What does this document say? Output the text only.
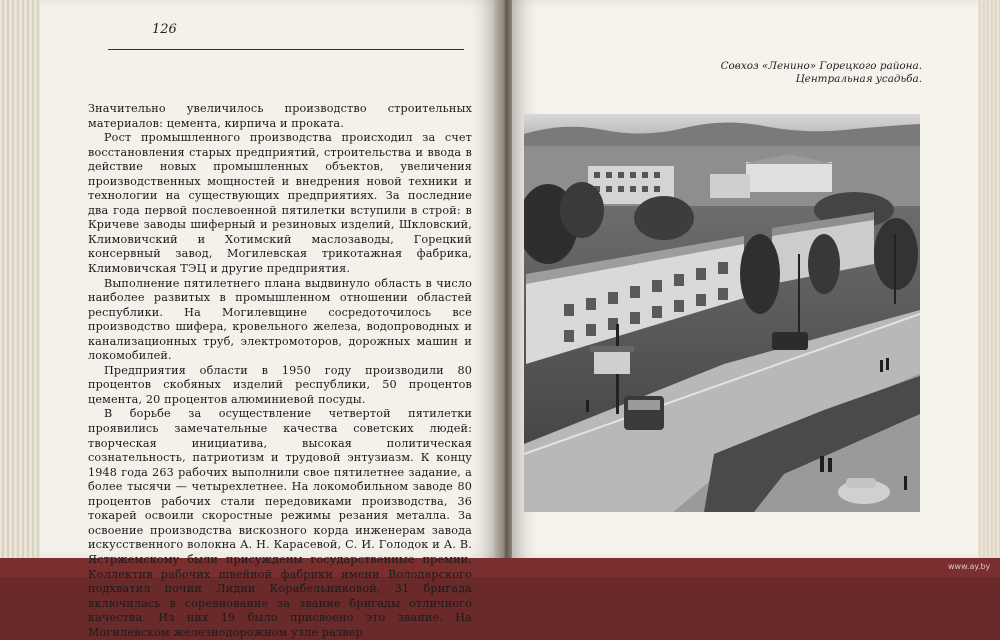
126

Значительно увеличилось производство строительных материалов: цемента, кирпича и проката.

Рост промышленного производства происходил за счет восстановления старых предприятий, строительства и ввода в действие новых промышленных объектов, увеличения производственных мощностей и внедрения новой техники и технологии на существующих предприятиях. За последние два года первой послевоенной пятилетки вступили в строй: в Кричеве заводы шиферный и резиновых изделий, Шкловский, Климовичский и Хотимский маслозаводы, Горецкий консервный завод, Могилевская трикотажная фабрика, Климовичская ТЭЦ и другие предприятия.

Выполнение пятилетнего плана выдвинуло область в число наиболее развитых в промышленном отношении областей республики. На Могилевщине сосредоточилось все производство шифера, кровельного железа, водопроводных и канализационных труб, электромоторов, дорожных машин и локомобилей.

Предприятия области в 1950 году производили 80 процентов скобяных изделий республики, 50 процентов цемента, 20 процентов алюминиевой посуды.

В борьбе за осуществление четвертой пятилетки проявились замечательные качества советских людей: творческая инициатива, высокая политическая сознательность, патриотизм и трудовой энтузиазм. К концу 1948 года 263 рабочих выполнили свое пятилетнее задание, а более тысячи — четырехлетнее. На локомобильном заводе 80 процентов рабочих стали передовиками производства, 36 токарей освоили скоростные режимы резания металла. За освоение производства вискозного корда инженерам завода искусственного волокна А. Н. Карасевой, С. И. Голодок и А. В. Ястржемскому были присуждены государственные премии. Коллектив рабочих швейной фабрики имени Володарского подхватил почин Лидии Корабельниковой, 31 бригада включилась в соревнование за звание бригады отличного качества. Из них 19 было присвоено это звание. На Могилевском железнодорожном узле развер

Совхоз «Ленино» Горецкого района.
Центральная усадьба.
www.ay.by
